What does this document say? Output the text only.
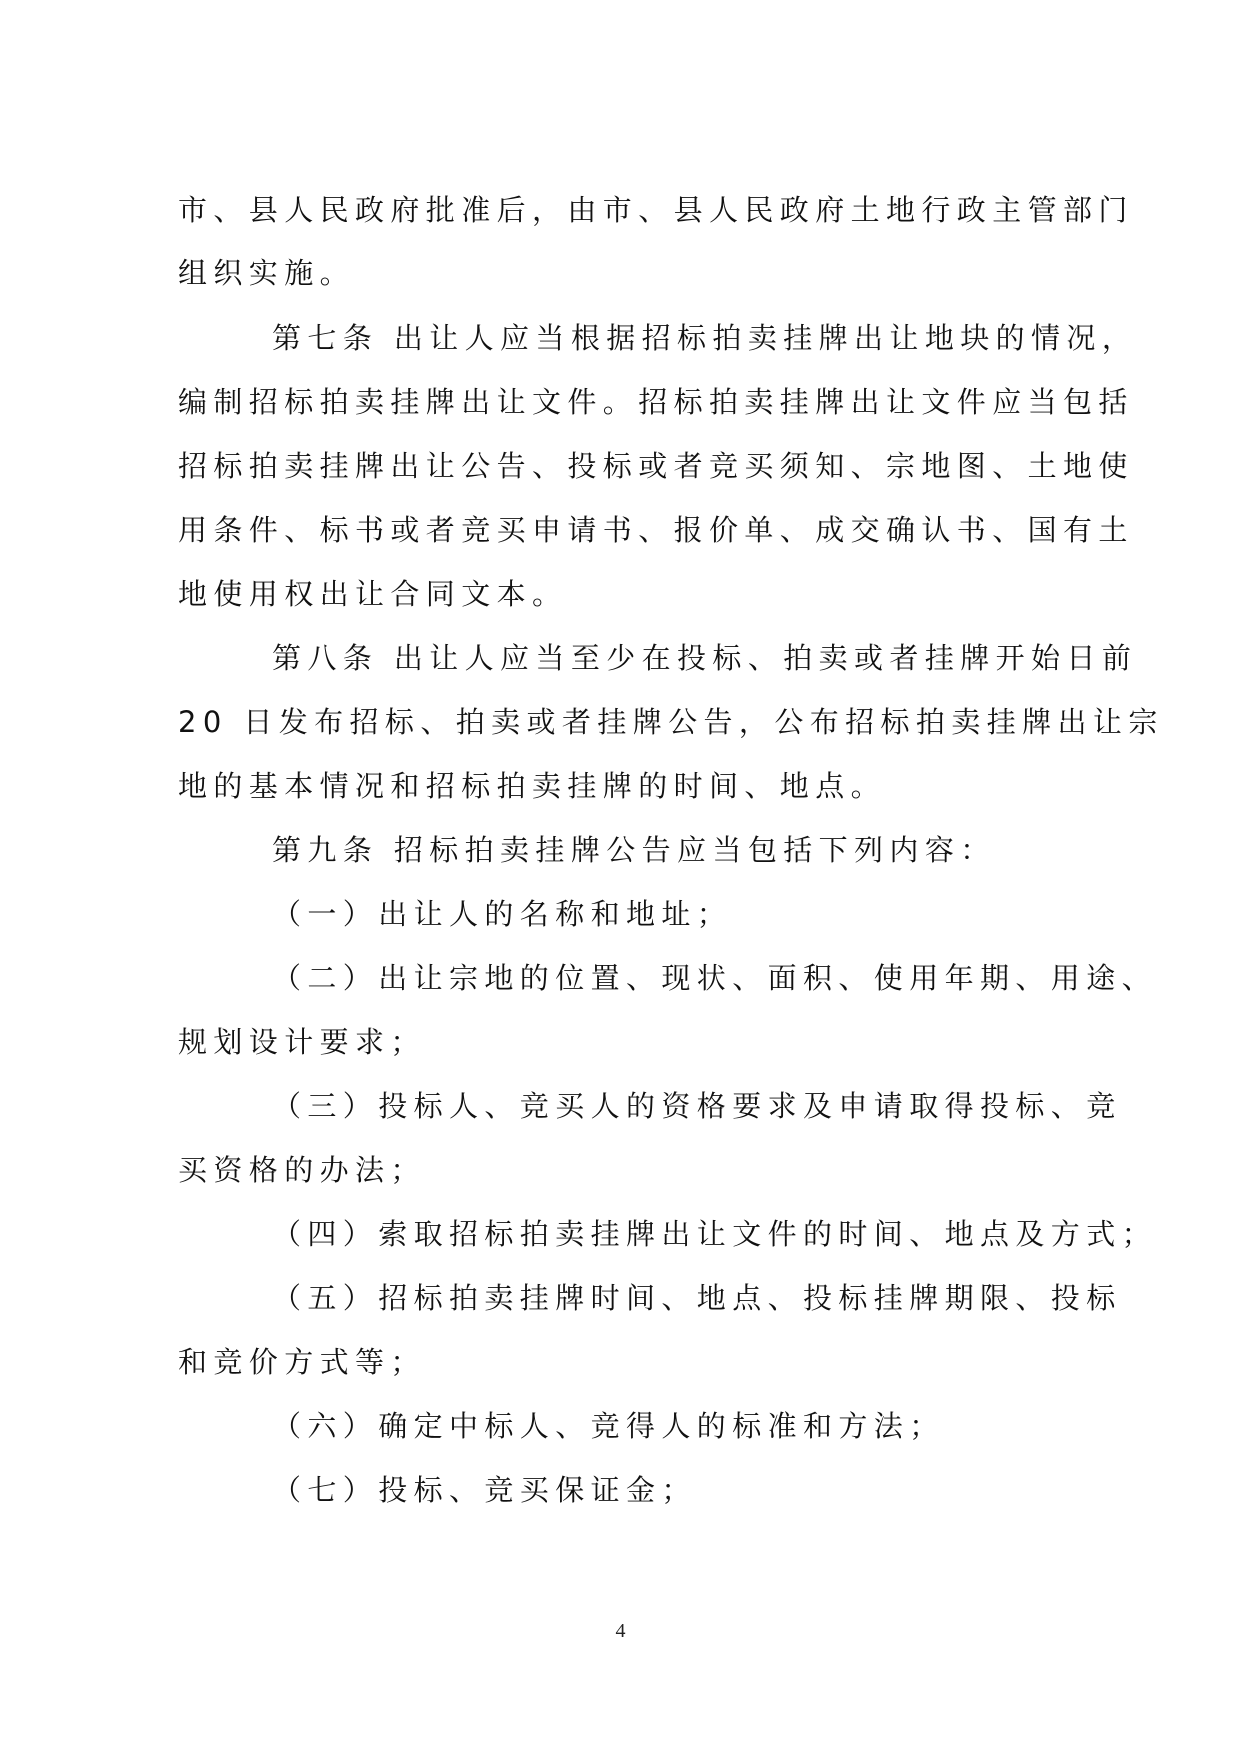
市、县人民政府批准后，由市、县人民政府土地行政主管部门
组织实施。
第七条 出让人应当根据招标拍卖挂牌出让地块的情况，
编制招标拍卖挂牌出让文件。招标拍卖挂牌出让文件应当包括
招标拍卖挂牌出让公告、投标或者竞买须知、宗地图、土地使
用条件、标书或者竞买申请书、报价单、成交确认书、国有土
地使用权出让合同文本。
第八条 出让人应当至少在投标、拍卖或者挂牌开始日前
20 日发布招标、拍卖或者挂牌公告，公布招标拍卖挂牌出让宗
地的基本情况和招标拍卖挂牌的时间、地点。
第九条 招标拍卖挂牌公告应当包括下列内容：
（一）出让人的名称和地址；
（二）出让宗地的位置、现状、面积、使用年期、用途、
规划设计要求；
（三）投标人、竞买人的资格要求及申请取得投标、竞
买资格的办法；
（四）索取招标拍卖挂牌出让文件的时间、地点及方式；
（五）招标拍卖挂牌时间、地点、投标挂牌期限、投标
和竞价方式等；
（六）确定中标人、竞得人的标准和方法；
（七）投标、竞买保证金；
4
